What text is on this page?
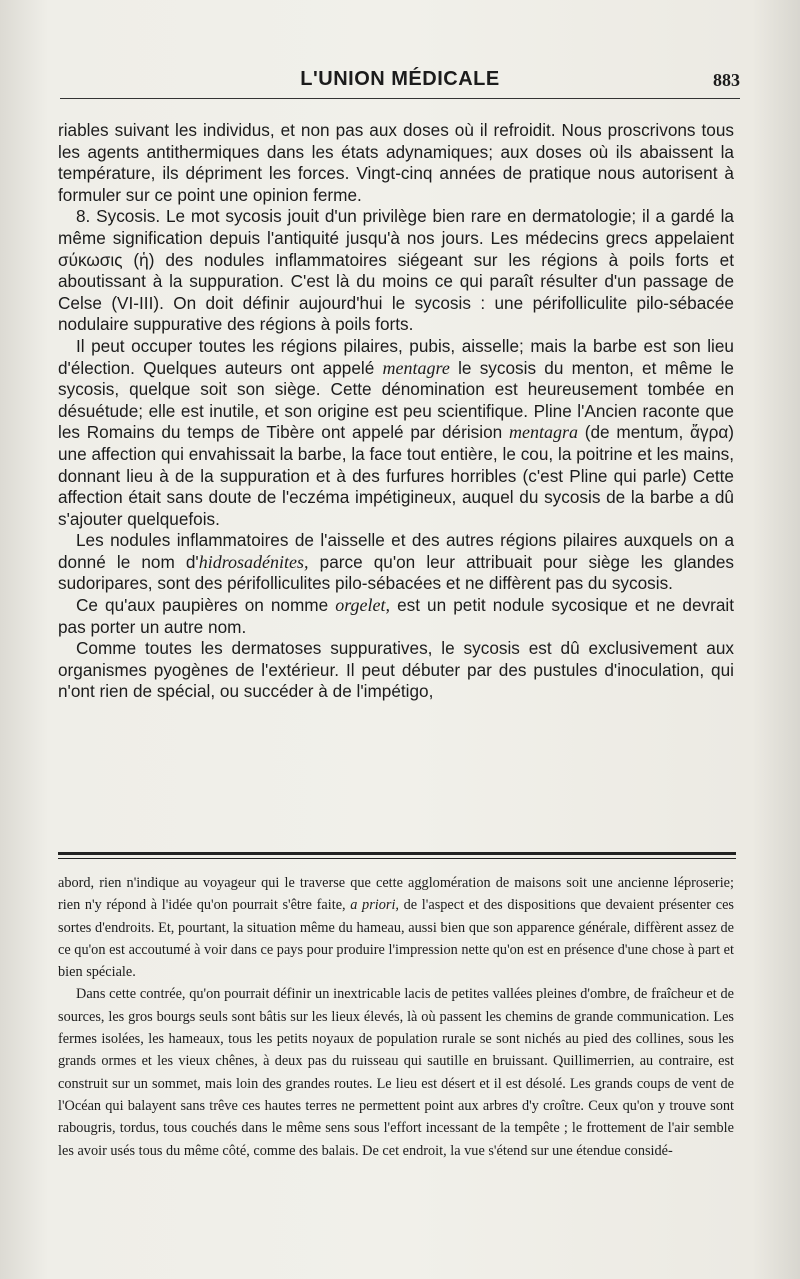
L'UNION MÉDICALE	883

riables suivant les individus, et non pas aux doses où il refroidit. Nous proscrivons tous les agents antithermiques dans les états adynamiques; aux doses où ils abaissent la température, ils dépriment les forces. Vingt-cinq années de pratique nous autorisent à formuler sur ce point une opinion ferme.

8. Sycosis. Le mot sycosis jouit d'un privilège bien rare en dermatologie; il a gardé la même signification depuis l'antiquité jusqu'à nos jours. Les médecins grecs appelaient σύκωσις (ἡ) des nodules inflammatoires siégeant sur les régions à poils forts et aboutissant à la suppuration. C'est là du moins ce qui paraît résulter d'un passage de Celse (VI-III). On doit définir aujourd'hui le sycosis : une périfolliculite pilo-sébacée nodulaire suppurative des régions à poils forts.

Il peut occuper toutes les régions pilaires, pubis, aisselle; mais la barbe est son lieu d'élection. Quelques auteurs ont appelé mentagre le sycosis du menton, et même le sycosis, quelque soit son siège. Cette dénomination est heureusement tombée en désuétude; elle est inutile, et son origine est peu scientifique. Pline l'Ancien raconte que les Romains du temps de Tibère ont appelé par dérision mentagra (de mentum, ἄγρα) une affection qui envahissait la barbe, la face tout entière, le cou, la poitrine et les mains, donnant lieu à de la suppuration et à des furfures horribles (c'est Pline qui parle) Cette affection était sans doute de l'eczéma impétigineux, auquel du sycosis de la barbe a dû s'ajouter quelquefois.

Les nodules inflammatoires de l'aisselle et des autres régions pilaires auxquels on a donné le nom d'hidrosadénites, parce qu'on leur attribuait pour siège les glandes sudoripares, sont des périfolliculites pilo-sébacées et ne diffèrent pas du sycosis.

Ce qu'aux paupières on nomme orgelet, est un petit nodule sycosique et ne devrait pas porter un autre nom.

Comme toutes les dermatoses suppuratives, le sycosis est dû exclusivement aux organismes pyogènes de l'extérieur. Il peut débuter par des pustules d'inoculation, qui n'ont rien de spécial, ou succéder à de l'impétigo,

abord, rien n'indique au voyageur qui le traverse que cette agglomération de maisons soit une ancienne léproserie; rien n'y répond à l'idée qu'on pourrait s'être faite, a priori, de l'aspect et des dispositions que devaient présenter ces sortes d'endroits. Et, pourtant, la situation même du hameau, aussi bien que son apparence générale, diffèrent assez de ce qu'on est accoutumé à voir dans ce pays pour produire l'impression nette qu'on est en présence d'une chose à part et bien spéciale.

Dans cette contrée, qu'on pourrait définir un inextricable lacis de petites vallées pleines d'ombre, de fraîcheur et de sources, les gros bourgs seuls sont bâtis sur les lieux élevés, là où passent les chemins de grande communication. Les fermes isolées, les hameaux, tous les petits noyaux de population rurale se sont nichés au pied des collines, sous les grands ormes et les vieux chênes, à deux pas du ruisseau qui sautille en bruissant. Quillimerrien, au contraire, est construit sur un sommet, mais loin des grandes routes. Le lieu est désert et il est désolé. Les grands coups de vent de l'Océan qui balayent sans trêve ces hautes terres ne permettent point aux arbres d'y croître. Ceux qu'on y trouve sont rabougris, tordus, tous couchés dans le même sens sous l'effort incessant de la tempête ; le frottement de l'air semble les avoir usés tous du même côté, comme des balais. De cet endroit, la vue s'étend sur une étendue considé-
